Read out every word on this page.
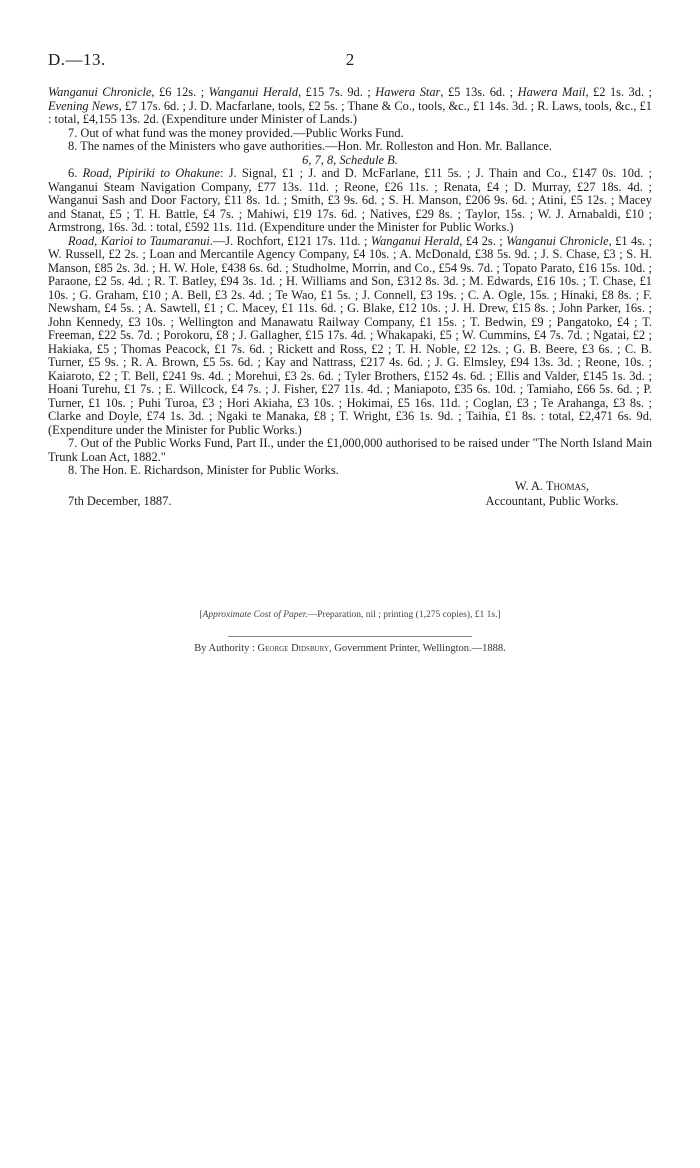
D.—13.	2

Wanganui Chronicle, £6 12s. ; Wanganui Herald, £15 7s. 9d. ; Hawera Star, £5 13s. 6d. ; Hawera Mail, £2 1s. 3d. ; Evening News, £7 17s. 6d. ; J. D. Macfarlane, tools, £2 5s. ; Thane & Co., tools, &c., £1 14s. 3d. ; R. Laws, tools, &c., £1 : total, £4,155 13s. 2d. (Expenditure under Minister of Lands.)

7. Out of what fund was the money provided.—Public Works Fund.

8. The names of the Ministers who gave authorities.—Hon. Mr. Rolleston and Hon. Mr. Ballance.

6, 7, 8, Schedule B.

6. Road, Pipiriki to Ohakune: J. Signal, £1 ; J. and D. McFarlane, £11 5s. ; J. Thain and Co., £147 0s. 10d. ; Wanganui Steam Navigation Company, £77 13s. 11d. ; Reone, £26 11s. ; Renata, £4 ; D. Murray, £27 18s. 4d. ; Wanganui Sash and Door Factory, £11 8s. 1d. ; Smith, £3 9s. 6d. ; S. H. Manson, £206 9s. 6d. ; Atini, £5 12s. ; Macey and Stanat, £5 ; T. H. Battle, £4 7s. ; Mahiwi, £19 17s. 6d. ; Natives, £29 8s. ; Taylor, 15s. ; W. J. Arnabaldi, £10 ; Armstrong, 16s. 3d. : total, £592 11s. 11d. (Expenditure under the Minister for Public Works.)

Road, Karioi to Taumaranui.—J. Rochfort, £121 17s. 11d. ; Wanganui Herald, £4 2s. ; Wanganui Chronicle, £1 4s. ; W. Russell, £2 2s. ; Loan and Mercantile Agency Company, £4 10s. ; A. McDonald, £38 5s. 9d. ; J. S. Chase, £3 ; S. H. Manson, £85 2s. 3d. ; H. W. Hole, £438 6s. 6d. ; Studholme, Morrin, and Co., £54 9s. 7d. ; Topato Parato, £16 15s. 10d. ; Paraone, £2 5s. 4d. ; R. T. Batley, £94 3s. 1d. ; H. Williams and Son, £312 8s. 3d. ; M. Edwards, £16 10s. ; T. Chase, £1 10s. ; G. Graham, £10 ; A. Bell, £3 2s. 4d. ; Te Wao, £1 5s. ; J. Connell, £3 19s. ; C. A. Ogle, 15s. ; Hinaki, £8 8s. ; F. Newsham, £4 5s. ; A. Sawtell, £1 ; C. Macey, £1 11s. 6d. ; G. Blake, £12 10s. ; J. H. Drew, £15 8s. ; John Parker, 16s. ; John Kennedy, £3 10s. ; Wellington and Manawatu Railway Company, £1 15s. ; T. Bedwin, £9 ; Pangatoko, £4 ; T. Freeman, £22 5s. 7d. ; Porokoru, £8 ; J. Gallagher, £15 17s. 4d. ; Whakapaki, £5 ; W. Cummins, £4 7s. 7d. ; Ngatai, £2 ; Hakiaka, £5 ; Thomas Peacock, £1 7s. 6d. ; Rickett and Ross, £2 ; T. H. Noble, £2 12s. ; G. B. Beere, £3 6s. ; C. B. Turner, £5 9s. ; R. A. Brown, £5 5s. 6d. ; Kay and Nattrass, £217 4s. 6d. ; J. G. Elmsley, £94 13s. 3d. ; Reone, 10s. ; Kaiaroto, £2 ; T. Bell, £241 9s. 4d. ; Morehui, £3 2s. 6d. ; Tyler Brothers, £152 4s. 6d. ; Ellis and Valder, £145 1s. 3d. ; Hoani Turehu, £1 7s. ; E. Willcock, £4 7s. ; J. Fisher, £27 11s. 4d. ; Maniapoto, £35 6s. 10d. ; Tamiaho, £66 5s. 6d. ; P. Turner, £1 10s. ; Puhi Turoa, £3 ; Hori Akiaha, £3 10s. ; Hokimai, £5 16s. 11d. ; Coglan, £3 ; Te Arahanga, £3 8s. ; Clarke and Doyle, £74 1s. 3d. ; Ngaki te Manaka, £8 ; T. Wright, £36 1s. 9d. ; Taihia, £1 8s. : total, £2,471 6s. 9d. (Expenditure under the Minister for Public Works.)

7. Out of the Public Works Fund, Part II., under the £1,000,000 authorised to be raised under "The North Island Main Trunk Loan Act, 1882."

8. The Hon. E. Richardson, Minister for Public Works.

W. A. Thomas,
Accountant, Public Works.
7th December, 1887.
[Approximate Cost of Paper.—Preparation, nil ; printing (1,275 copies), £1 1s.]
By Authority : George Didsbury, Government Printer, Wellington.—1888.
